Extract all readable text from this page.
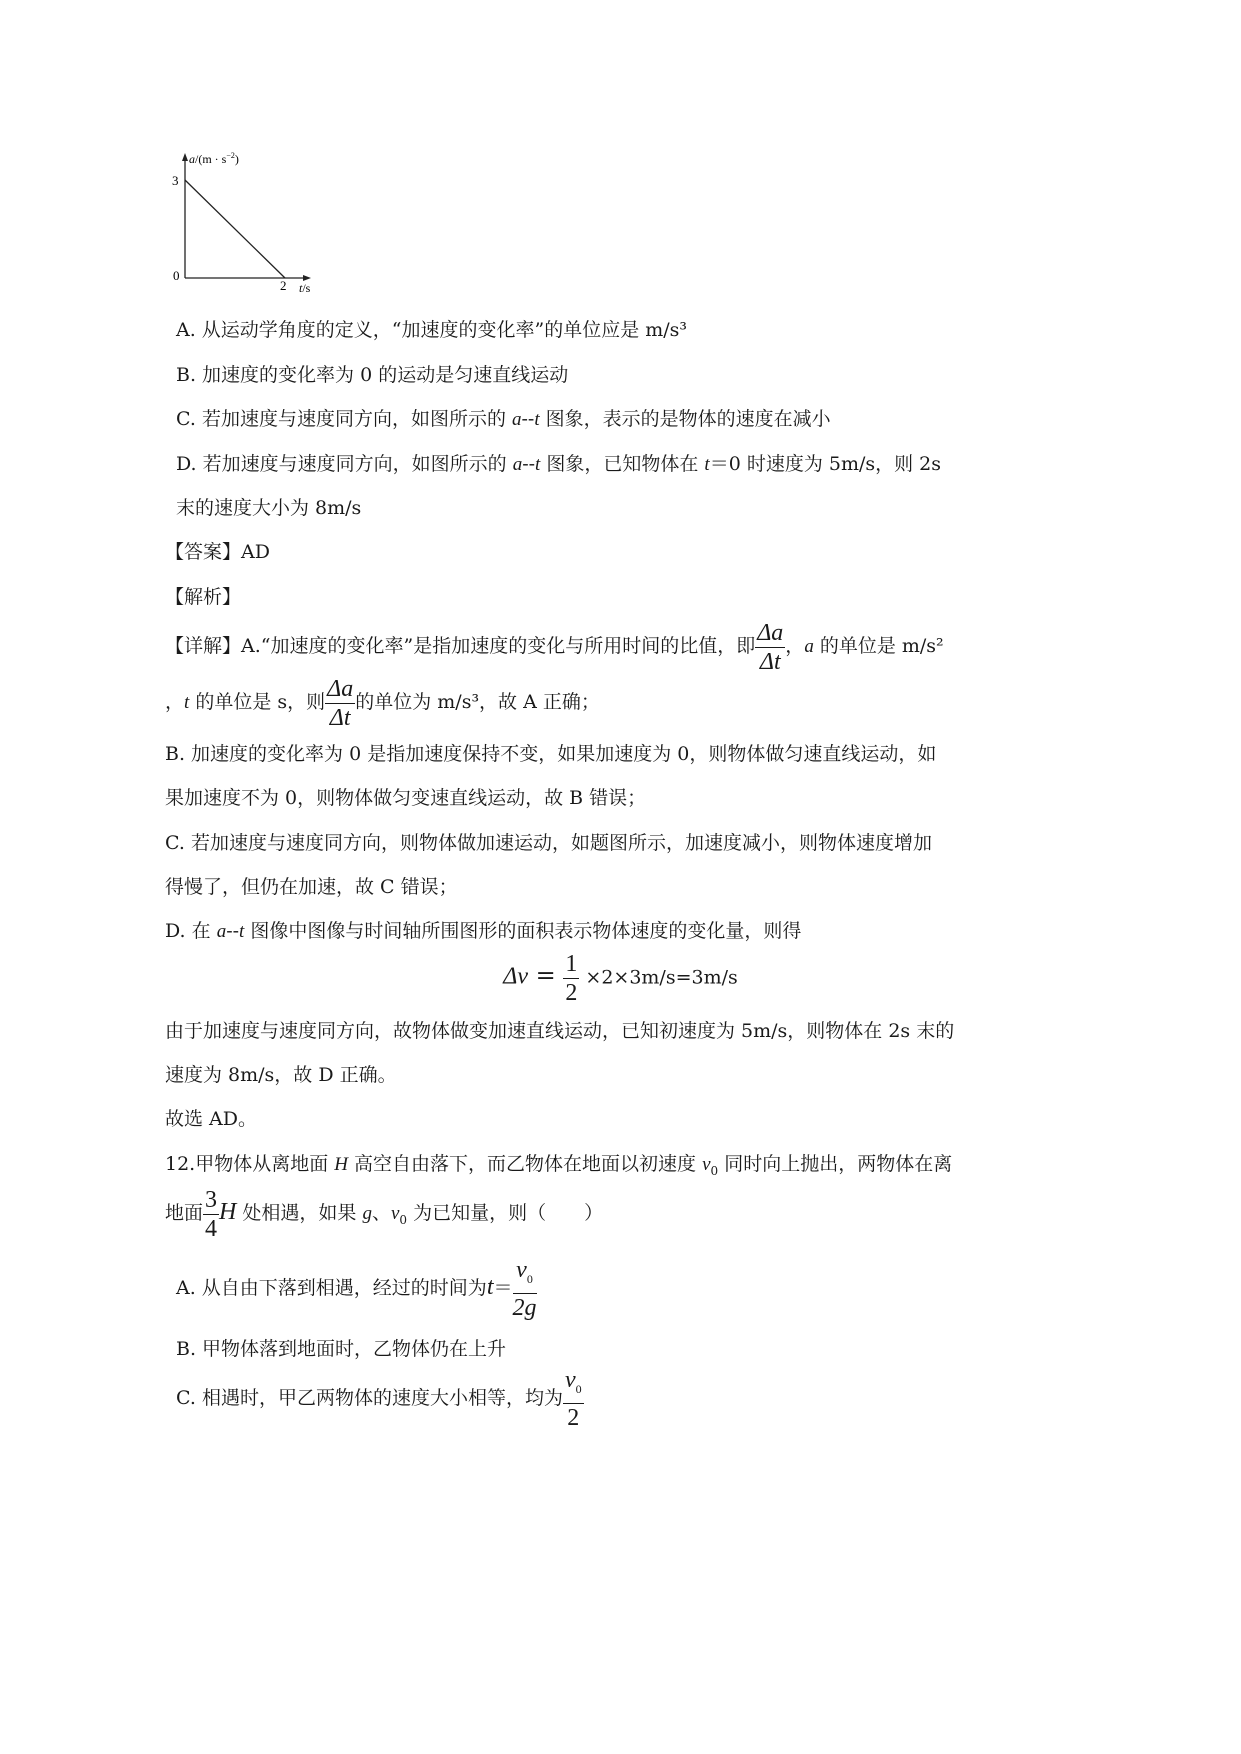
$a/(m \cdot s^{-2})$
3
0
2 t/s
A. 从运动学角度的定义，“加速度的变化率”的单位应是 m/s³
B. 加速度的变化率为 0 的运动是匀速直线运动
C. 若加速度与速度同方向，如图所示的 a--t 图象，表示的是物体的速度在减小
D. 若加速度与速度同方向，如图所示的 a--t 图象，已知物体在 t＝0 时速度为 5m/s，则 2s
末的速度大小为 8m/s
【答案】AD
【解析】
【详解】A.“加速度的变化率”是指加速度的变化与所用时间的比值，即 $\frac{\Delta a}{\Delta t}$ ，a 的单位是 m/s²
，t 的单位是 s，则 $\frac{\Delta a}{\Delta t}$ 的单位为 m/s³，故 A 正确；
B. 加速度的变化率为 0 是指加速度保持不变，如果加速度为 0，则物体做匀速直线运动，如
果加速度不为 0，则物体做匀变速直线运动，故 B 错误；
C. 若加速度与速度同方向，则物体做加速运动，如题图所示，加速度减小，则物体速度增加
得慢了，但仍在加速，故 C 错误；
D. 在 a--t 图像中图像与时间轴所围图形的面积表示物体速度的变化量，则得
$\Delta v = \frac{1}{2} \times 2\times 3m/s=3m/s$
由于加速度与速度同方向，故物体做变加速直线运动，已知初速度为 5m/s，则物体在 2s 末的
速度为 8m/s，故 D 正确。
故选 AD。
12.甲物体从离地面 H 高空自由落下，而乙物体在地面以初速度 $v_0$ 同时向上抛出，两物体在离
地面 $\frac{3}{4}$ H 处相遇，如果 g、$v_0$ 为已知量，则（　　）
A. 从自由下落到相遇，经过的时间为$t= \frac{v_0}{2g}$
B. 甲物体落到地面时，乙物体仍在上升
C. 相遇时，甲乙两物体的速度大小相等，均为 $\frac{v_0}{2}$
